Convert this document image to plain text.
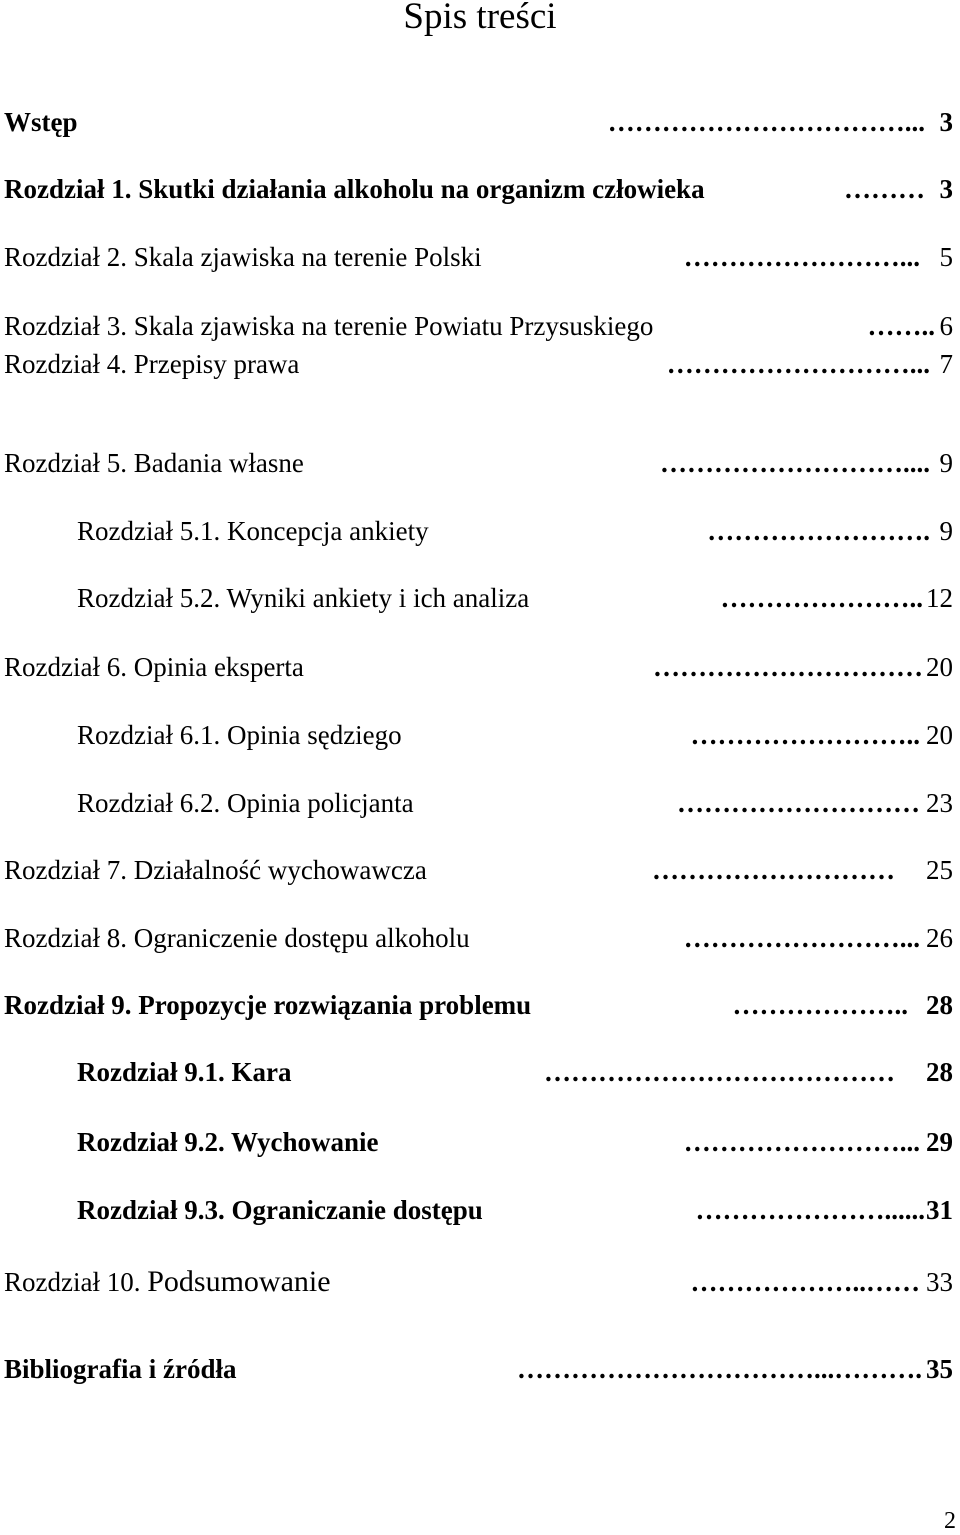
Spis treści
Wstęp	……………………………... 3
Rozdział 1. Skutki działania alkoholu na organizm człowieka	……… 3
Rozdział 2. Skala zjawiska na terenie Polski	……………………... 5
Rozdział 3. Skala zjawiska na terenie Powiatu Przysuskiego	…….. 6
Rozdział 4. Przepisy prawa	………………………... 7
Rozdział 5. Badania własne	……………………….... 9
Rozdział 5.1. Koncepcja ankiety	……………………. 9
Rozdział 5.2. Wyniki ankiety i ich analiza	………………….. 12
Rozdział 6. Opinia eksperta	………………………… 20
Rozdział 6.1. Opinia sędziego	…………………….. 20
Rozdział 6.2. Opinia policjanta	……………………… 23
Rozdział 7. Działalność wychowawcza	……………………… 25
Rozdział 8. Ograniczenie dostępu alkoholu	……………………... 26
Rozdział 9. Propozycje rozwiązania problemu	……………….. 28
Rozdział 9.1. Kara	………………………………… 28
Rozdział 9.2. Wychowanie	……………………... 29
Rozdział 9.3. Ograniczanie dostępu	…………………...... 31
Rozdział 10. Podsumowanie	………………..…… 33
Bibliografia i źródła	……………………………...………. 35
2
